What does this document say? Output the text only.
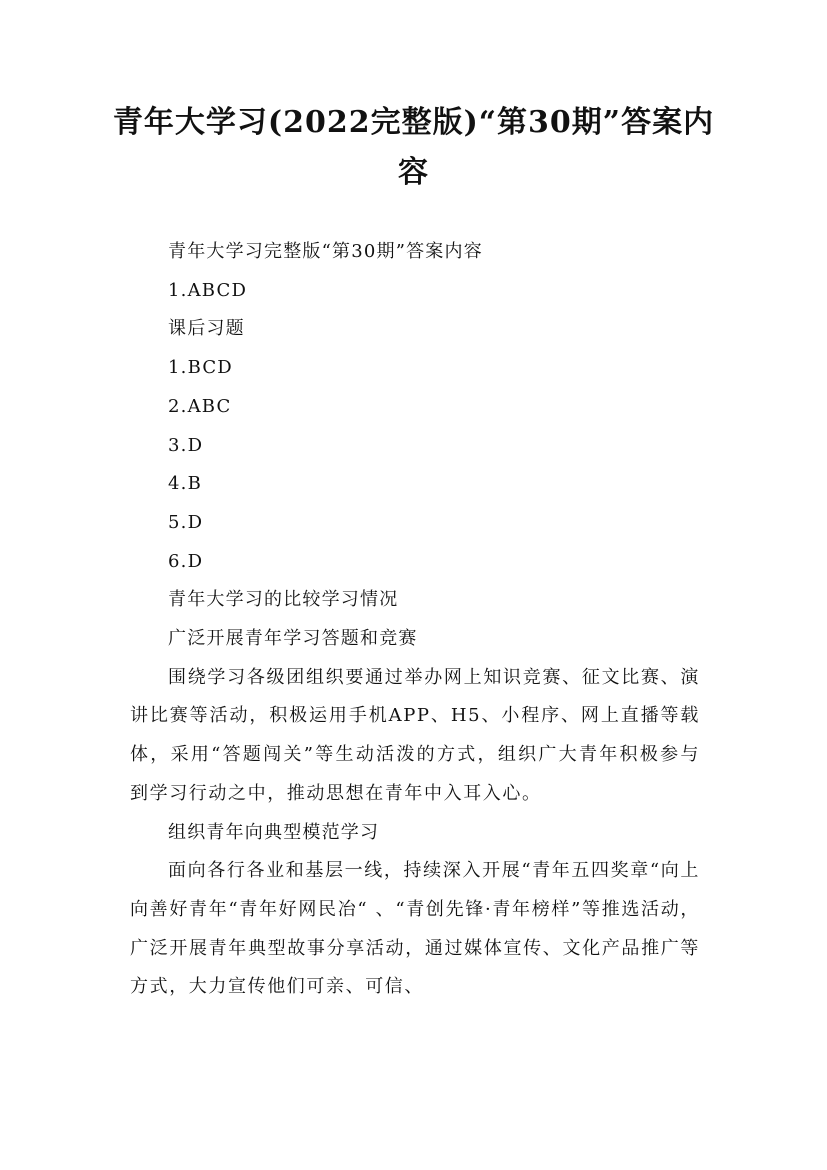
青年大学习(2022完整版)“第30期”答案内容

青年大学习完整版“第30期”答案内容

1.ABCD

课后习题

1.BCD

2.ABC

3.D

4.B

5.D

6.D

青年大学习的比较学习情况

广泛开展青年学习答题和竞赛

围绕学习各级团组织要通过举办网上知识竞赛、征文比赛、演讲比赛等活动，积极运用手机APP、H5、小程序、网上直播等载体，采用“答题闯关”等生动活泼的方式，组织广大青年积极参与到学习行动之中，推动思想在青年中入耳入心。

组织青年向典型模范学习

面向各行各业和基层一线，持续深入开展“青年五四奖章“向上向善好青年“青年好网民冶“ 、“青创先锋·青年榜样”等推选活动，广泛开展青年典型故事分享活动，通过媒体宣传、文化产品推广等方式，大力宣传他们可亲、可信、
